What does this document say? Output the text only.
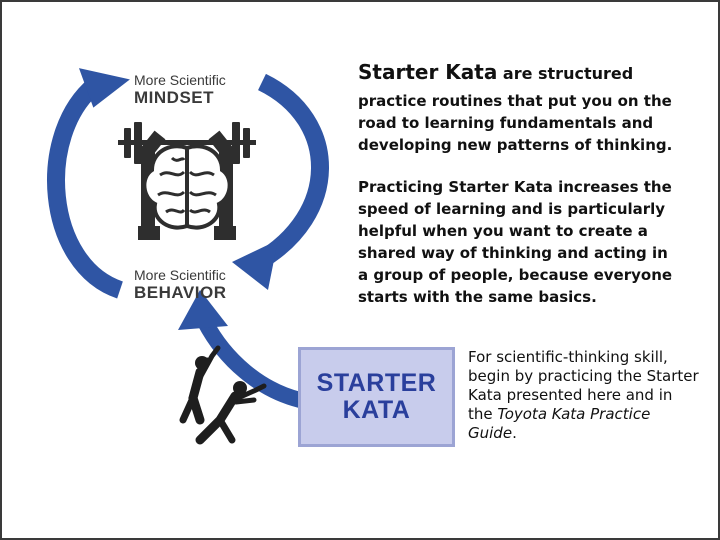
More Scientific
MINDSET
More Scientific
BEHAVIOR
Starter Kata are structured
practice routines that put you on the road to learning fundamentals and developing new patterns of thinking.
Practicing Starter Kata increases the speed of learning and is particularly helpful when you want to create a shared way of thinking and acting in a group of people, because everyone starts with the same basics.
STARTER
KATA
For scientific-thinking skill, begin by practicing the Starter Kata presented here and in the Toyota Kata Practice Guide.
